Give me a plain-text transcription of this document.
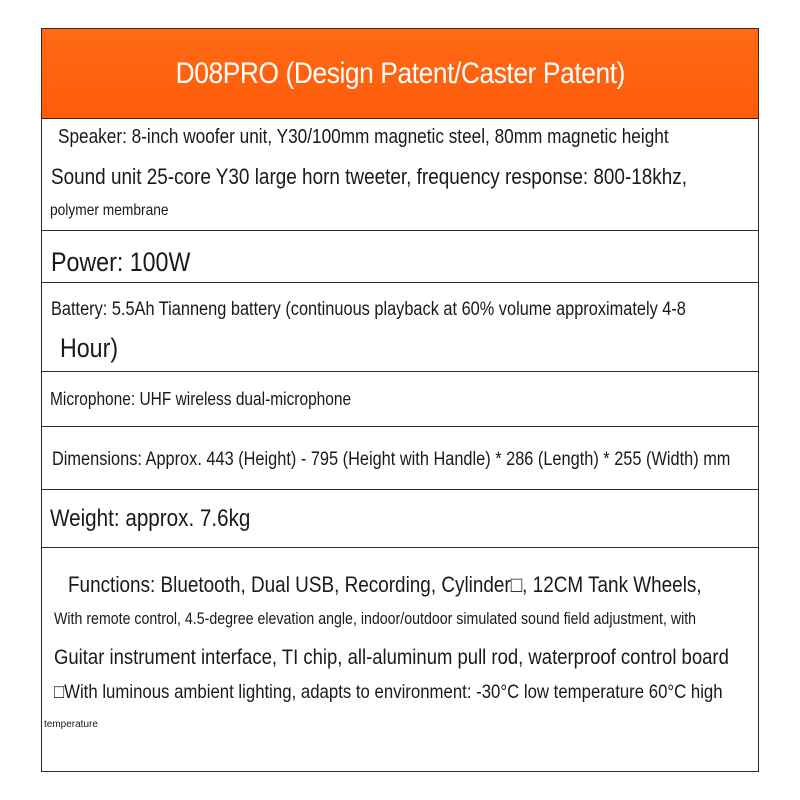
D08PRO (Design Patent/Caster Patent)
Speaker: 8-inch woofer unit, Y30/100mm magnetic steel, 80mm magnetic height
Sound unit 25-core Y30 large horn tweeter, frequency response: 800-18khz,
polymer membrane
Power: 100W
Battery: 5.5Ah Tianneng battery (continuous playback at 60% volume approximately 4-8
Hour)
Microphone: UHF wireless dual-microphone
Dimensions: Approx. 443 (Height) - 795 (Height with Handle) * 286 (Length) * 255 (Width) mm
Weight: approx. 7.6kg
Functions: Bluetooth, Dual USB, Recording, Cylinder□, 12CM Tank Wheels,
With remote control, 4.5-degree elevation angle, indoor/outdoor simulated sound field adjustment, with
Guitar instrument interface, TI chip, all-aluminum pull rod, waterproof control board
□With luminous ambient lighting, adapts to environment: -30°C low temperature 60°C high
temperature
